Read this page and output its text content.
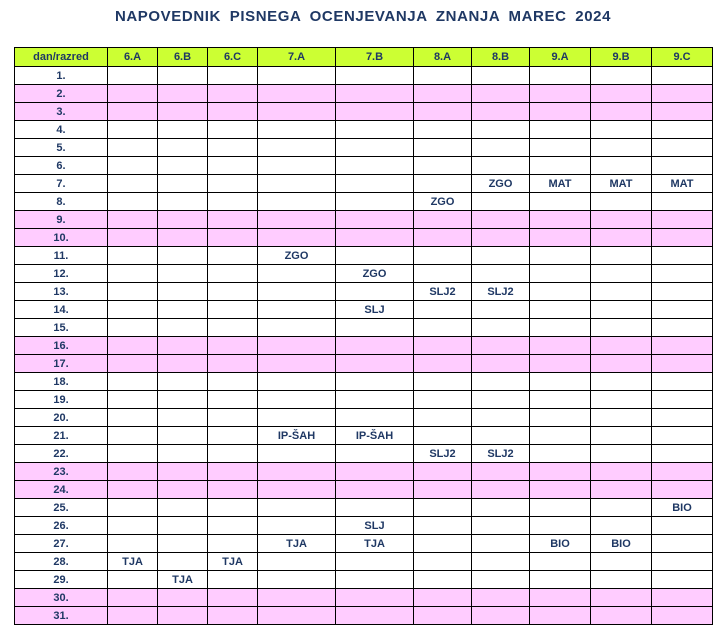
NAPOVEDNIK PISNEGA OCENJEVANJA ZNANJA MAREC 2024
dan/razred	6.A	6.B	6.C	7.A	7.B	8.A	8.B	9.A	9.B	9.C
1.										
2.										
3.										
4.										
5.										
6.										
7.							ZGO	MAT	MAT	MAT
8.						ZGO				
9.										
10.										
11.				ZGO						
12.					ZGO					
13.						SLJ2	SLJ2			
14.					SLJ					
15.										
16.										
17.										
18.										
19.										
20.										
21.				IP-ŠAH	IP-ŠAH					
22.						SLJ2	SLJ2			
23.										
24.										
25.										BIO
26.					SLJ					
27.				TJA	TJA			BIO	BIO	
28.	TJA		TJA							
29.		TJA								
30.										
31.										
